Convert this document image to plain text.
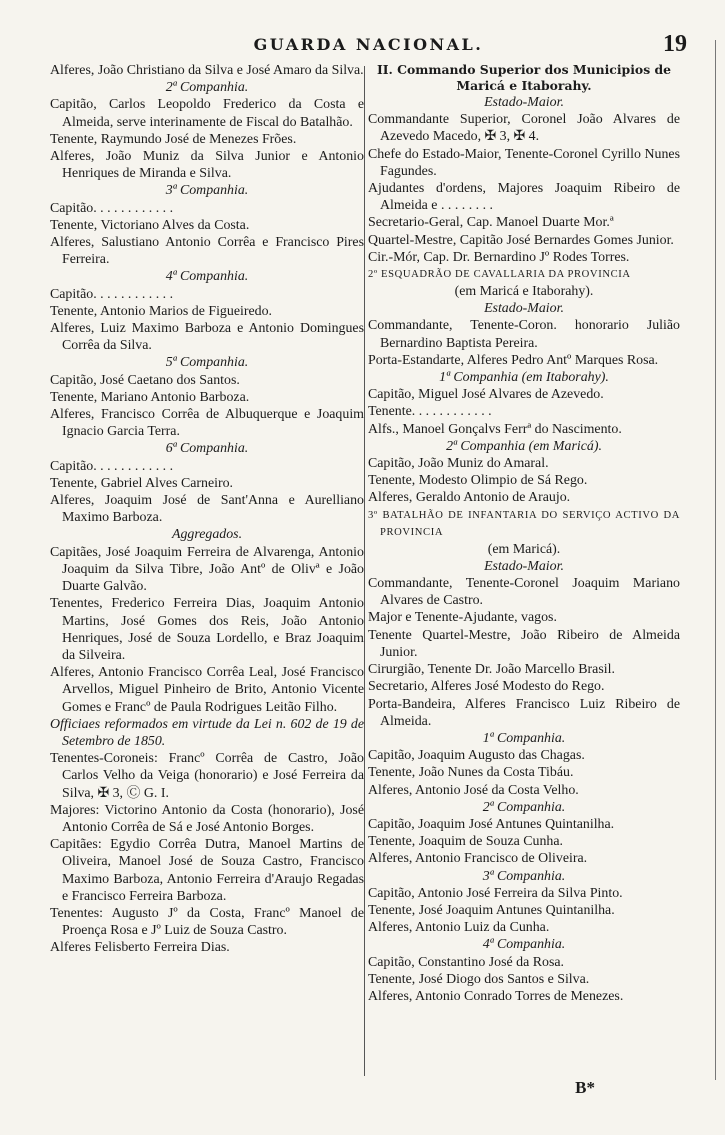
GUARDA NACIONAL.	19
Alferes, João Christiano da Silva e José Amaro da Silva.
2ª Companhia.
Capitão, Carlos Leopoldo Frederico da Costa e Almeida, serve interinamente de Fiscal do Batalhão.
Tenente, Raymundo José de Menezes Frões.
Alferes, João Muniz da Silva Junior e Antonio Henriques de Miranda e Silva.
3ª Companhia.
Capitão. . . . . . . . . . . .
Tenente, Victoriano Alves da Costa.
Alferes, Salustiano Antonio Corrêa e Francisco Pires Ferreira.
4ª Companhia.
Capitão. . . . . . . . . . . .
Tenente, Antonio Marios de Figueiredo.
Alferes, Luiz Maximo Barboza e Antonio Domingues Corrêa da Silva.
5ª Companhia.
Capitão, José Caetano dos Santos.
Tenente, Mariano Antonio Barboza.
Alferes, Francisco Corrêa de Albuquerque e Joaquim Ignacio Garcia Terra.
6ª Companhia.
Capitão. . . . . . . . . . . .
Tenente, Gabriel Alves Carneiro.
Alferes, Joaquim José de Sant'Anna e Aurelliano Maximo Barboza.
Aggregados.
Capitães, José Joaquim Ferreira de Alvarenga, Antonio Joaquim da Silva Tibre, João Antº de Olivª e João Duarte Galvão.
Tenentes, Frederico Ferreira Dias, Joaquim Antonio Martins, José Gomes dos Reis, João Antonio Henriques, José de Souza Lordello, e Braz Joaquim da Silveira.
Alferes, Antonio Francisco Corrêa Leal, José Francisco Arvellos, Miguel Pinheiro de Brito, Antonio Vicente Gomes e Francº de Paula Rodrigues Leitão Filho.
Officiaes reformados em virtude da Lei n. 602 de 19 de Setembro de 1850.
Tenentes-Coroneis: Francº Corrêa de Castro, João Carlos Velho da Veiga (honorario) e José Ferreira da Silva, ✠ 3, Ⓒ G. I.
Majores: Victorino Antonio da Costa (honorario), José Antonio Corrêa de Sá e José Antonio Borges.
Capitães: Egydio Corrêa Dutra, Manoel Martins de Oliveira, Manoel José de Souza Castro, Francisco Maximo Barboza, Antonio Ferreira d'Araujo Regadas e Francisco Ferreira Barboza.
Tenentes: Augusto Jº da Costa, Francº Manoel de Proença Rosa e Jº Luiz de Souza Castro.
Alferes Felisberto Ferreira Dias.
II. Commando Superior dos Municipios de Maricá e Itaborahy.
Estado-Maior.
Commandante Superior, Coronel João Alvares de Azevedo Macedo, ✠ 3, ✠ 4.
Chefe do Estado-Maior, Tenente-Coronel Cyrillo Nunes Fagundes.
Ajudantes d'ordens, Majores Joaquim Ribeiro de Almeida e . . . . . . . .
Secretario-Geral, Cap. Manoel Duarte Mor.ª
Quartel-Mestre, Capitão José Bernardes Gomes Junior.
Cir.-Mór, Cap. Dr. Bernardino Jº Rodes Torres.
2º ESQUADRÃO DE CAVALLARIA DA PROVINCIA
(em Maricá e Itaborahy).
Estado-Maior.
Commandante, Tenente-Coron. honorario Julião Bernardino Baptista Pereira.
Porta-Estandarte, Alferes Pedro Antº Marques Rosa.
1ª Companhia (em Itaborahy).
Capitão, Miguel José Alvares de Azevedo.
Tenente. . . . . . . . . . . .
Alfs., Manoel Gonçalvs Ferrª do Nascimento.
2ª Companhia (em Maricá).
Capitão, João Muniz do Amaral.
Tenente, Modesto Olimpio de Sá Rego.
Alferes, Geraldo Antonio de Araujo.
3º BATALHÃO DE INFANTARIA DO SERVIÇO ACTIVO DA PROVINCIA
(em Maricá).
Estado-Maior.
Commandante, Tenente-Coronel Joaquim Mariano Alvares de Castro.
Major e Tenente-Ajudante, vagos.
Tenente Quartel-Mestre, João Ribeiro de Almeida Junior.
Cirurgião, Tenente Dr. João Marcello Brasil.
Secretario, Alferes José Modesto do Rego.
Porta-Bandeira, Alferes Francisco Luiz Ribeiro de Almeida.
1ª Companhia.
Capitão, Joaquim Augusto das Chagas.
Tenente, João Nunes da Costa Tibáu.
Alferes, Antonio José da Costa Velho.
2ª Companhia.
Capitão, Joaquim José Antunes Quintanilha.
Tenente, Joaquim de Souza Cunha.
Alferes, Antonio Francisco de Oliveira.
3ª Companhia.
Capitão, Antonio José Ferreira da Silva Pinto.
Tenente, José Joaquim Antunes Quintanilha.
Alferes, Antonio Luiz da Cunha.
4ª Companhia.
Capitão, Constantino José da Rosa.
Tenente, José Diogo dos Santos e Silva.
Alferes, Antonio Conrado Torres de Menezes.
B*
